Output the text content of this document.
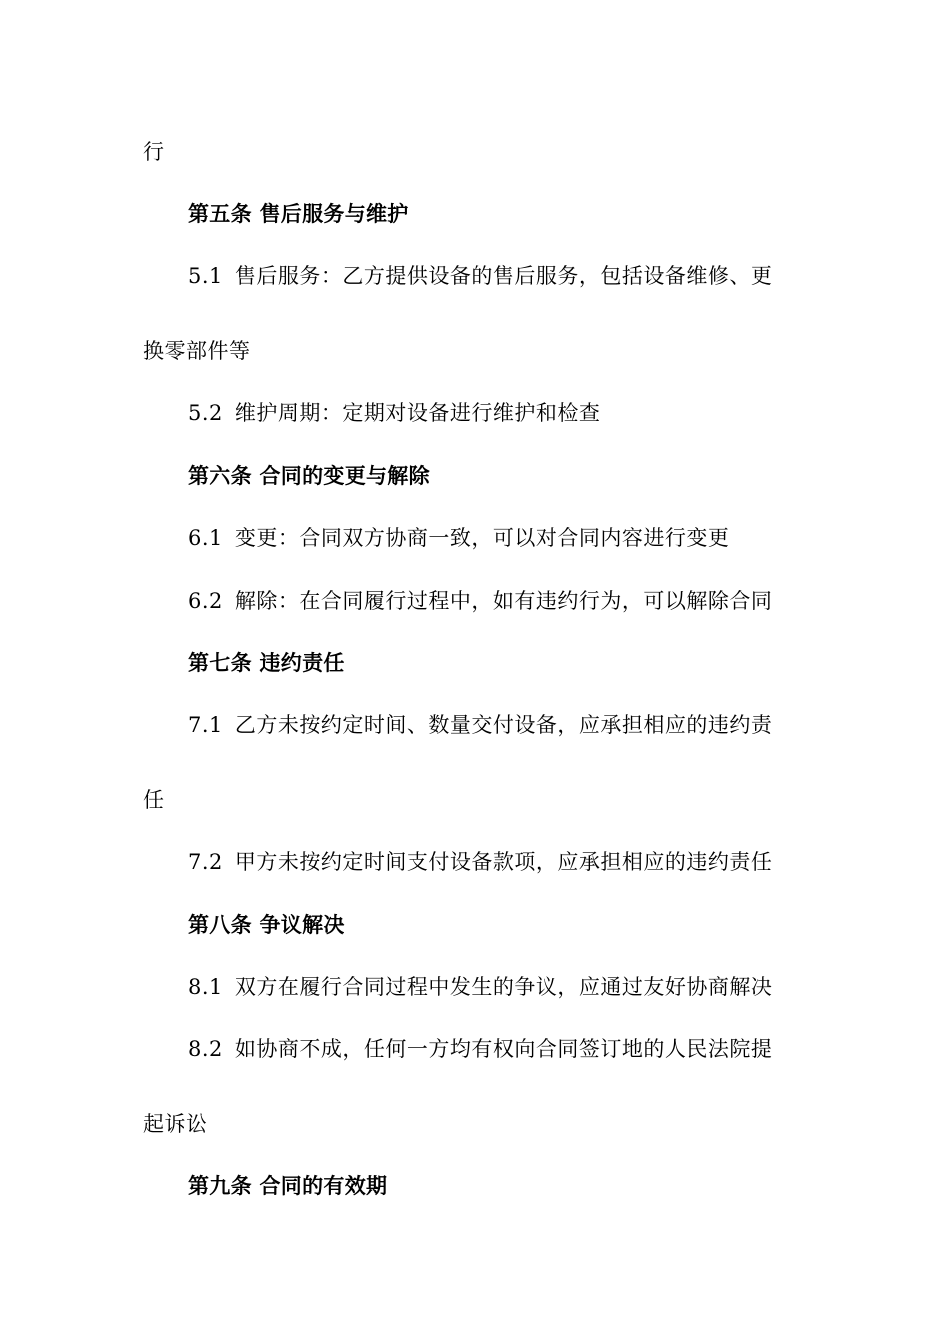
行
第五条 售后服务与维护
5.1 售后服务：乙方提供设备的售后服务，包括设备维修、更
换零部件等
5.2 维护周期：定期对设备进行维护和检查
第六条 合同的变更与解除
6.1 变更：合同双方协商一致，可以对合同内容进行变更
6.2 解除：在合同履行过程中，如有违约行为，可以解除合同
第七条 违约责任
7.1 乙方未按约定时间、数量交付设备，应承担相应的违约责
任
7.2 甲方未按约定时间支付设备款项，应承担相应的违约责任
第八条 争议解决
8.1 双方在履行合同过程中发生的争议，应通过友好协商解决
8.2 如协商不成，任何一方均有权向合同签订地的人民法院提
起诉讼
第九条 合同的有效期
